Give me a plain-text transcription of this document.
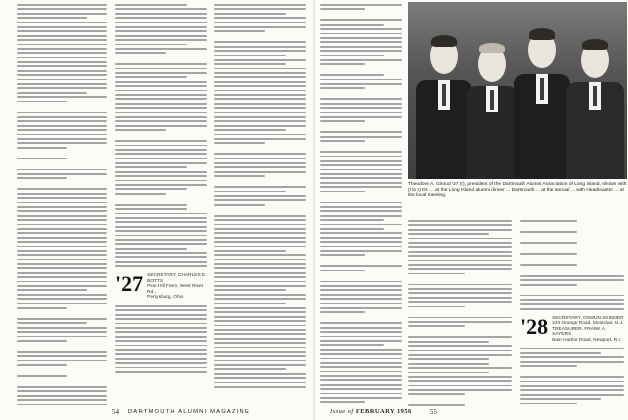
'27 SECRETARY, CHARLES E. BOTTS
Pine Hill Farm, West River Rd.,
Perrysburg, Ohio
54 DARTMOUTH ALUMNI MAGAZINE
Theodore A. Giroud '27 (r), president of the Dartmouth Alumni Association of Long Island, shown with (l to r) Dr. ... at the Long Island alumni dinner ... Dartmouth ... at the annual ... with Headmaster ... at the local meeting.
'28 SECRETARY, OSMUN SKINNER
244 Orange Road, Montclair, N.J.
TREASURER, FRANK A. SAYERS
Bain Harbor Road, Newport, R.I.
Issue of FEBRUARY 1956	55
